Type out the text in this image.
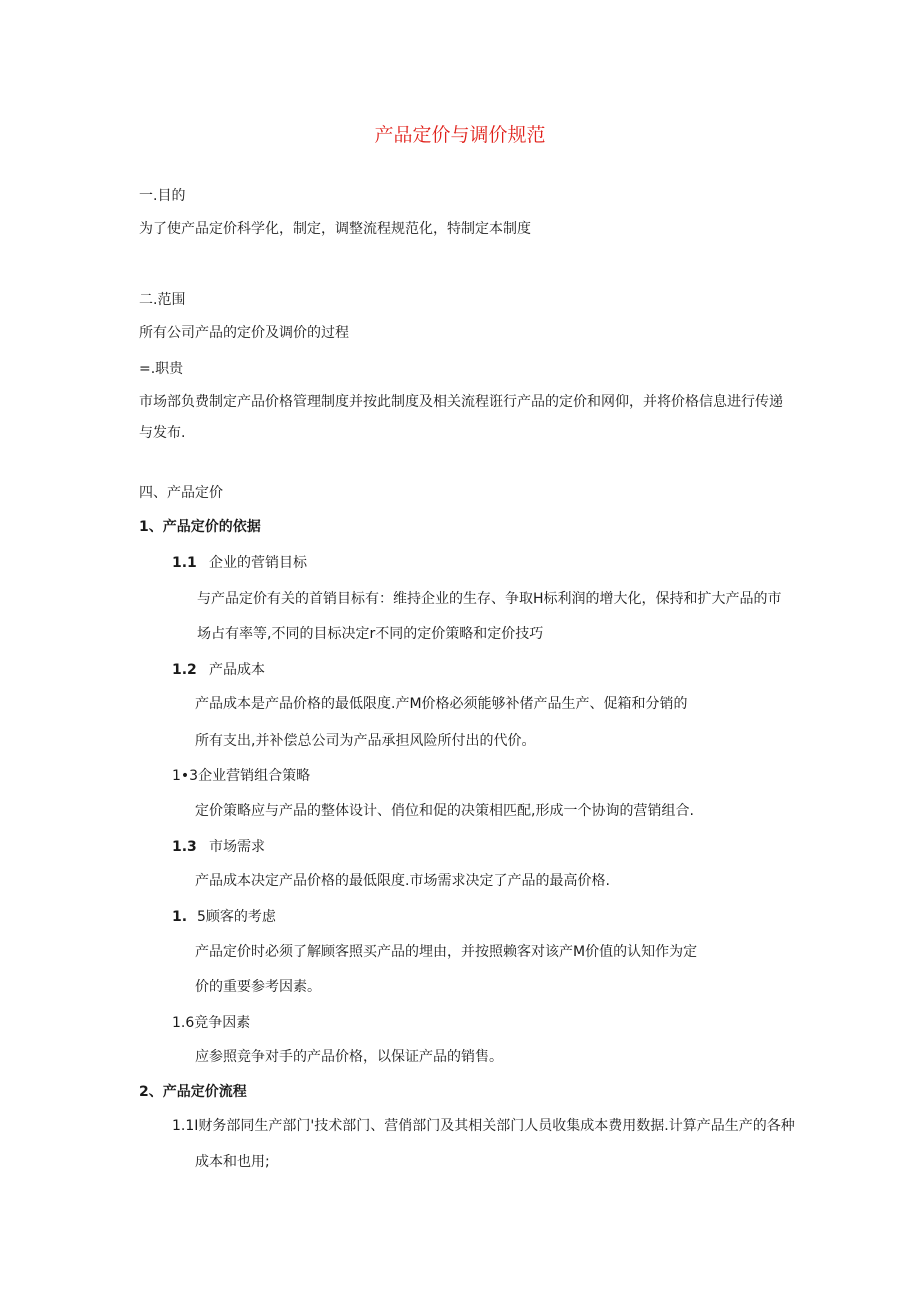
产品定价与调价规范
一.目的
为了使产品定价科学化，制定，调整流程规范化，特制定本制度
二.范围
所有公司产品的定价及调价的过程
=.职贵
市场部负费制定产品价格管理制度并按此制度及相关流程诳行产品的定价和网仰，并将价格信息进行传递
与发布.
四、产品定价
1、产品定价的依据
1.1 企业的菅销目标
与产品定价有关的首销目标有：维持企业的生存、争取H标利润的增大化，保持和扩大产品的市
场占有率等,不同的目标决定r不同的定价策略和定价技巧
1.2 产品成本
产品成本是产品价格的最低限度.产M价格必须能够补偖产品生产、促箱和分销的
所有支出,并补偿总公司为产品承担风险所付出的代价。
1•3企业营销组合策略
定价策略应与产品的整体设计、俏位和促的决策相匹配,形成一个协询的营销组合.
1.3 市场需求
产品成本决定产品价格的最低限度.市场需求决定了产品的最高价格.
1. 5顾客的考虑
产品定价时必须了解顾客照买产品的埋由，并按照赖客对该产M价值的认知作为定
价的重要参考因素。
1.6竞争因素
应参照竞争对手的产品价格，以保证产品的销售。
2、产品定价流程
1.1I财务部同生产部门'技术部门、营俏部门及其相关部门人员收集成本费用数据.计算产品生产的各种
成本和也用;
